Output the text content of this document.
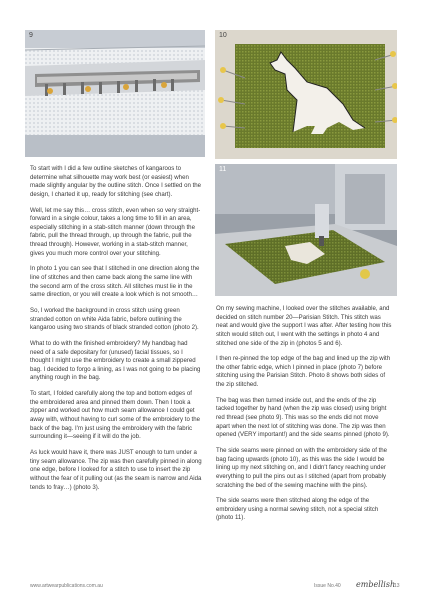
9	10
11

To start with I did a few outline sketches of kangaroos to determine what silhouette may work best (or easiest) when made slightly angular by the outline stitch. Once I settled on the design, I charted it up, ready for stitching (see chart).

Well, let me say this… cross stitch, even when so very straight-forward in a single colour, takes a long time to fill in an area, especially stitching in a stab-stitch manner (down through the fabric, pull the thread through, up through the fabric, pull the thread through). However, working in a stab-stitch manner, gives you much more control over your stitching.

In photo 1 you can see that I stitched in one direction along the line of stitches and then came back along the same line with the second arm of the cross stitch. All stitches must lie in the same direction, or you will create a look which is not smooth…

So, I worked the background in cross stitch using green stranded cotton on white Aida fabric, before outlining the kangaroo using two strands of black stranded cotton (photo 2).

What to do with the finished embroidery? My handbag had need of a safe depositary for (unused) facial tissues, so I thought I might use the embroidery to create a small zippered bag. I decided to forgo a lining, as I was not going to be placing anything rough in the bag.

To start, I folded carefully along the top and bottom edges of the embroidered area and pinned them down. Then I took a zipper and worked out how much seam allowance I could get away with, without having to curl some of the embroidery to the back of the bag. I'm just using the embroidery with the fabric surrounding it—seeing if it will do the job.

As luck would have it, there was JUST enough to turn under a tiny seam allowance. The zip was then carefully pinned in along one edge, before I looked for a stitch to use to insert the zip without the fear of it pulling out (as the seam is narrow and Aida tends to fray…) (photo 3).

On my sewing machine, I looked over the stitches available, and decided on stitch number 20—Parisian Stitch. This stitch was neat and would give the support I was after. After testing how this stitch would stitch out, I went with the settings in photo 4 and stitched one side of the zip in (photos 5 and 6).

I then re-pinned the top edge of the bag and lined up the zip with the other fabric edge, which I pinned in place (photo 7) before stitching using the Parisian Stitch. Photo 8 shows both sides of the zip stitched.

The bag was then turned inside out, and the ends of the zip tacked together by hand (when the zip was closed) using bright red thread (see photo 9). This was so the ends did not move apart when the next lot of stitching was done. The zip was then opened (VERY important!) and the side seams pinned (photo 9).

The side seams were pinned on with the embroidery side of the bag facing upwards (photo 10), as this was the side I would be lining up my next stitching on, and I didn't fancy reaching under everything to pull the pins out as I stitched (apart from probably scratching the bed of the sewing machine with the pins).

The side seams were then stitched along the edge of the embroidery using a normal sewing stitch, not a special stitch (photo 11).

www.artwearpublications.com.au	Issue No.40 embellish
13
